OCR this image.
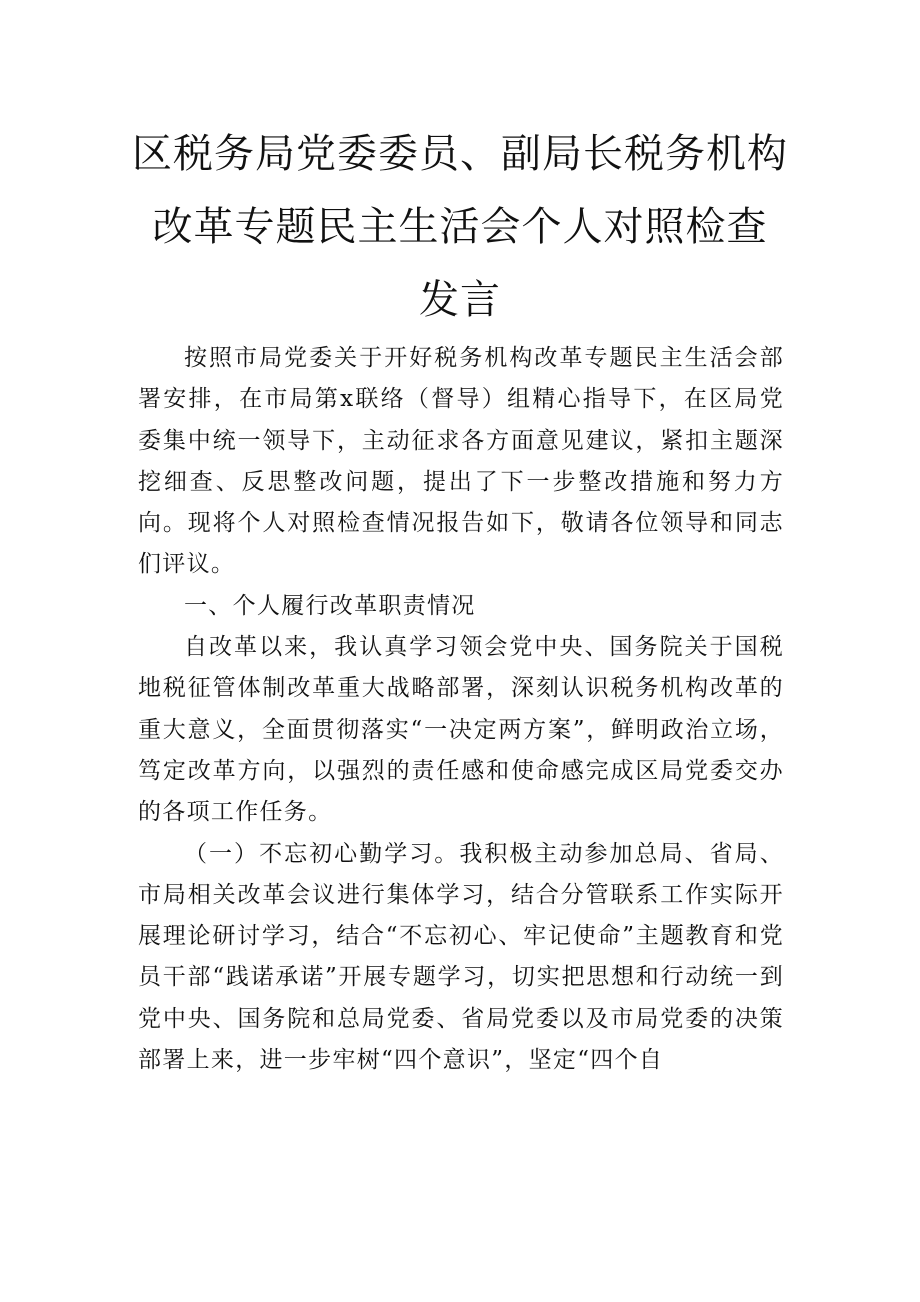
区税务局党委委员、副局长税务机构
改革专题民主生活会个人对照检查
发言

按照市局党委关于开好税务机构改革专题民主生活会部署安排，在市局第x联络（督导）组精心指导下，在区局党委集中统一领导下，主动征求各方面意见建议，紧扣主题深挖细查、反思整改问题，提出了下一步整改措施和努力方向。现将个人对照检查情况报告如下，敬请各位领导和同志们评议。

一、个人履行改革职责情况

自改革以来，我认真学习领会党中央、国务院关于国税地税征管体制改革重大战略部署，深刻认识税务机构改革的重大意义，全面贯彻落实“一决定两方案”，鲜明政治立场，笃定改革方向，以强烈的责任感和使命感完成区局党委交办的各项工作任务。

（一）不忘初心勤学习。我积极主动参加总局、省局、市局相关改革会议进行集体学习，结合分管联系工作实际开展理论研讨学习，结合“不忘初心、牢记使命”主题教育和党员干部“践诺承诺”开展专题学习，切实把思想和行动统一到党中央、国务院和总局党委、省局党委以及市局党委的决策部署上来，进一步牢树“四个意识”，坚定“四个自
